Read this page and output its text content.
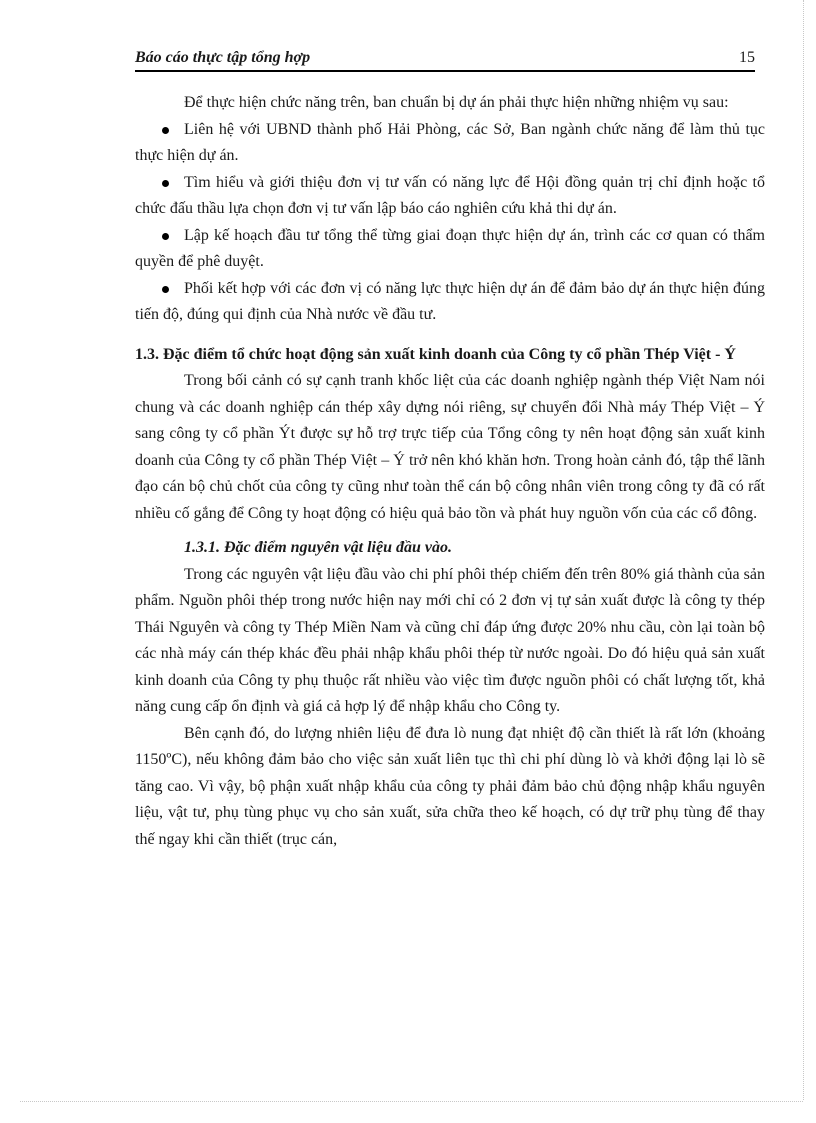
Báo cáo thực tập tổng hợp	15

Để thực hiện chức năng trên, ban chuẩn bị dự án phải thực hiện những nhiệm vụ sau:

Liên hệ với UBND thành phố Hải Phòng, các Sở, Ban ngành chức năng để làm thủ tục thực hiện dự án.
Tìm hiểu và giới thiệu đơn vị tư vấn có năng lực để Hội đồng quản trị chỉ định hoặc tổ chức đấu thầu lựa chọn đơn vị tư vấn lập báo cáo nghiên cứu khả thi dự án.
Lập kế hoạch đầu tư tổng thể từng giai đoạn thực hiện dự án, trình các cơ quan có thẩm quyền để phê duyệt.
Phối kết hợp với các đơn vị có năng lực thực hiện dự án để đảm bảo dự án thực hiện đúng tiến độ, đúng qui định của Nhà nước về đầu tư.

1.3. Đặc điểm tổ chức hoạt động sản xuất kinh doanh của Công ty cổ phần Thép Việt - Ý

Trong bối cảnh có sự cạnh tranh khốc liệt của các doanh nghiệp ngành thép Việt Nam nói chung và các doanh nghiệp cán thép xây dựng nói riêng, sự chuyển đổi Nhà máy Thép Việt – Ý sang công ty cổ phần Ýt được sự hỗ trợ trực tiếp của Tổng công ty nên hoạt động sản xuất kinh doanh của Công ty cổ phần Thép Việt – Ý trở nên khó khăn hơn. Trong hoàn cảnh đó, tập thể lãnh đạo cán bộ chủ chốt của công ty cũng như toàn thể cán bộ công nhân viên trong công ty đã có rất nhiều cố gắng để Công ty hoạt động có hiệu quả bảo tồn và phát huy nguồn vốn của các cổ đông.

1.3.1. Đặc điểm nguyên vật liệu đầu vào.

Trong các nguyên vật liệu đầu vào chi phí phôi thép chiếm đến trên 80% giá thành của sản phẩm. Nguồn phôi thép trong nước hiện nay mới chỉ có 2 đơn vị tự sản xuất được là công ty thép Thái Nguyên và công ty Thép Miền Nam và cũng chỉ đáp ứng được 20% nhu cầu, còn lại toàn bộ các nhà máy cán thép khác đều phải nhập khẩu phôi thép từ nước ngoài. Do đó hiệu quả sản xuất kinh doanh của Công ty phụ thuộc rất nhiều vào việc tìm được nguồn phôi có chất lượng tốt, khả năng cung cấp ổn định và giá cả hợp lý để nhập khẩu cho Công ty.

Bên cạnh đó, do lượng nhiên liệu để đưa lò nung đạt nhiệt độ cần thiết là rất lớn (khoảng 1150ºC), nếu không đảm bảo cho việc sản xuất liên tục thì chi phí dùng lò và khởi động lại lò sẽ tăng cao. Vì vậy, bộ phận xuất nhập khẩu của công ty phải đảm bảo chủ động nhập khẩu nguyên liệu, vật tư, phụ tùng phục vụ cho sản xuất, sửa chữa theo kế hoạch, có dự trữ phụ tùng để thay thế ngay khi cần thiết (trục cán,
